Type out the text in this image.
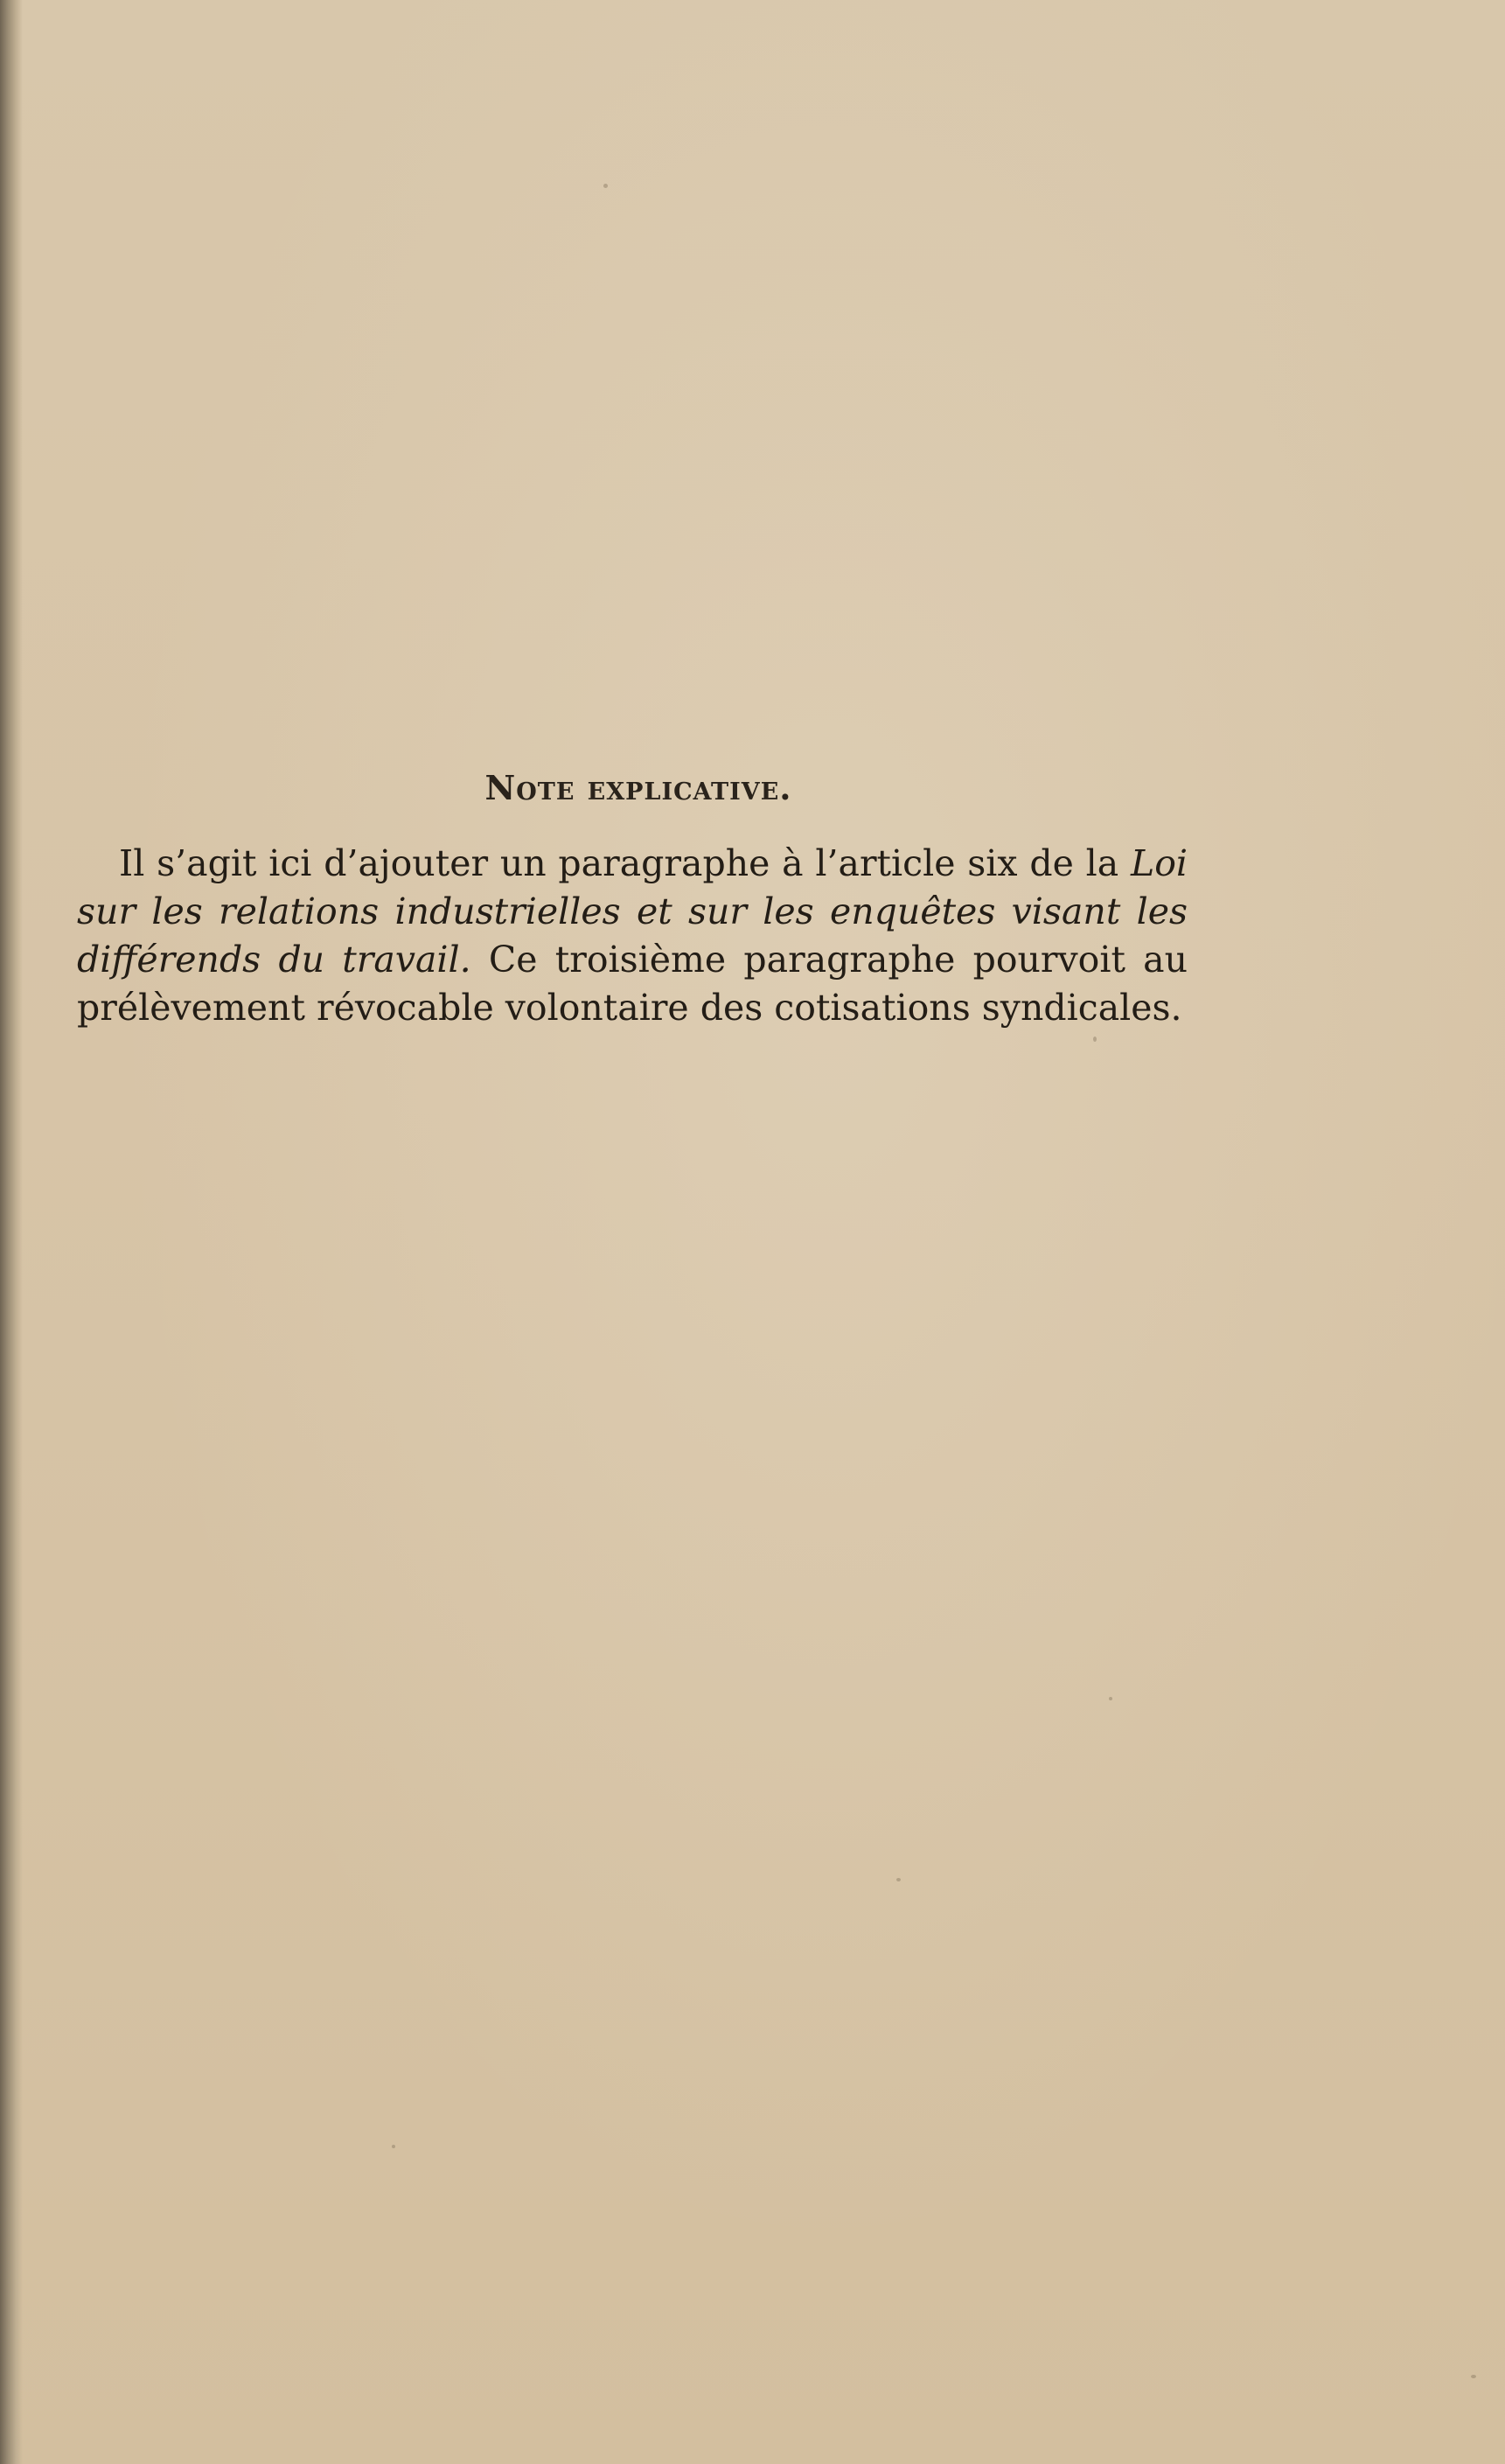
Note explicative.

Il s’agit ici d’ajouter un paragraphe à l’article six de la Loi sur les relations industrielles et sur les enquêtes visant les différends du travail. Ce troisième paragraphe pourvoit au prélèvement révocable volontaire des cotisations syndicales.
